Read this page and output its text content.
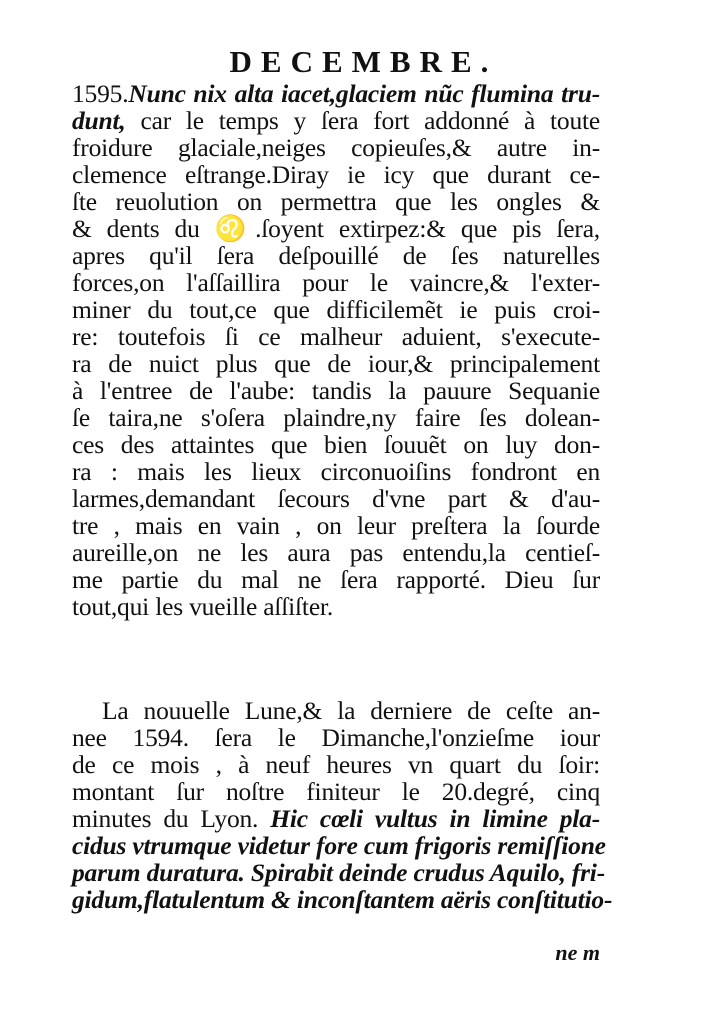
DECEMBRE.
1595.Nunc nix alta iacet,glaciem nũc flumina tru-
dunt, car le temps y ſera fort addonné à toute
froidure glaciale,neiges copieuſes,& autre in-
clemence eſtrange.Diray ie icy que durant ce-
ſte reuolution on permettra que les ongles &
& dents du ♌.ſoyent extirpez:& que pis ſera,
apres qu'il ſera deſpouillé de ſes naturelles
forces,on l'aſſaillira pour le vaincre,& l'exter-
miner du tout,ce que difficilemẽt ie puis croi-
re: toutefois ſi ce malheur aduient, s'execute-
ra de nuict plus que de iour,& principalement
à l'entree de l'aube: tandis la pauure Sequanie
ſe taira,ne s'oſera plaindre,ny faire ſes dolean-
ces des attaintes que bien ſouuẽt on luy don-
ra : mais les lieux circonuoiſins fondront en
larmes,demandant ſecours d'vne part & d'au-
tre , mais en vain , on leur preſtera la ſourde
aureille,on ne les aura pas entendu,la centieſ-
me partie du mal ne ſera rapporté. Dieu ſur
tout,qui les vueille aſſiſter.
La nouuelle Lune,& la derniere de ceſte an-
nee 1594. ſera le Dimanche,l'onzieſme iour
de ce mois , à neuf heures vn quart du ſoir:
montant ſur noſtre finiteur le 20.degré, cinq
minutes du Lyon. Hic cœli vultus in limine pla-
cidus vtrumque videtur fore cum frigoris remiſſione
parum duratura. Spirabit deinde crudus Aquilo, fri-
gidum,flatulentum & inconſtantem aëris conſtitutio-
ne m
